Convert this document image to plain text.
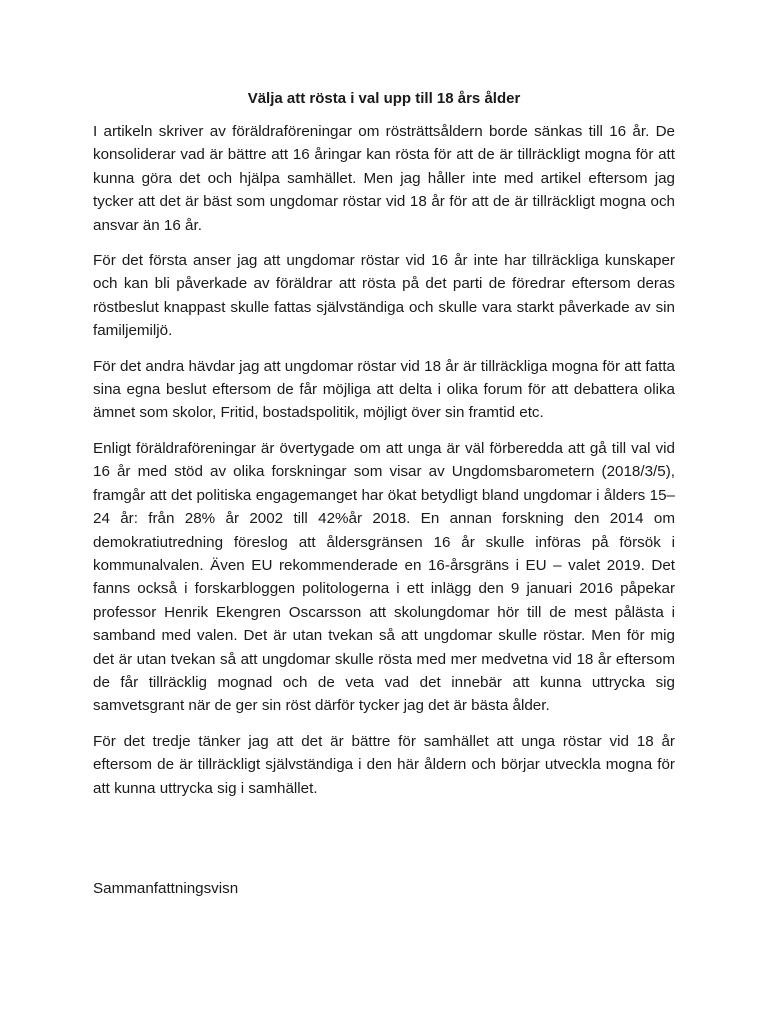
Välja att rösta i val upp till 18 års ålder

I artikeln skriver av föräldraföreningar om rösträttsåldern borde sänkas till 16 år. De konsoliderar vad är bättre att 16 åringar kan rösta för att de är tillräckligt mogna för att kunna göra det och hjälpa samhället. Men jag håller inte med artikel eftersom jag tycker att det är bäst som ungdomar röstar vid 18 år för att de är tillräckligt mogna och ansvar än 16 år.

För det första anser jag att ungdomar röstar vid 16 år inte har tillräckliga kunskaper och kan bli påverkade av föräldrar att rösta på det parti de föredrar eftersom deras röstbeslut knappast skulle fattas självständiga och skulle vara starkt påverkade av sin familjemiljö.

För det andra hävdar jag att ungdomar röstar vid 18 år är tillräckliga mogna för att fatta sina egna beslut eftersom de får möjliga att delta i olika forum för att debattera olika ämnet som skolor, Fritid, bostadspolitik, möjligt över sin framtid etc.

Enligt föräldraföreningar är övertygade om att unga är väl förberedda att gå till val vid 16 år med stöd av olika forskningar som visar av Ungdomsbarometern (2018/3/5), framgår att det politiska engagemanget har ökat betydligt bland ungdomar i ålders 15–24 år: från 28% år 2002 till 42%år 2018. En annan forskning den 2014 om demokratiutredning föreslog att åldersgränsen 16 år skulle införas på försök i kommunalvalen. Även EU rekommenderade en 16-årsgräns i EU – valet 2019. Det fanns också i forskarbloggen politologerna i ett inlägg den 9 januari 2016 påpekar professor Henrik Ekengren Oscarsson att skolungdomar hör till de mest pålästa i samband med valen. Det är utan tvekan så att ungdomar skulle röstar. Men för mig det är utan tvekan så att ungdomar skulle rösta med mer medvetna vid 18 år eftersom de får tillräcklig mognad och de veta vad det innebär att kunna uttrycka sig samvetsgrant när de ger sin röst därför tycker jag det är bästa ålder.

För det tredje tänker jag att det är bättre för samhället att unga röstar vid 18 år eftersom de är tillräckligt självständiga i den här åldern och börjar utveckla mogna för att kunna uttrycka sig i samhället.

Sammanfattningsvisn
